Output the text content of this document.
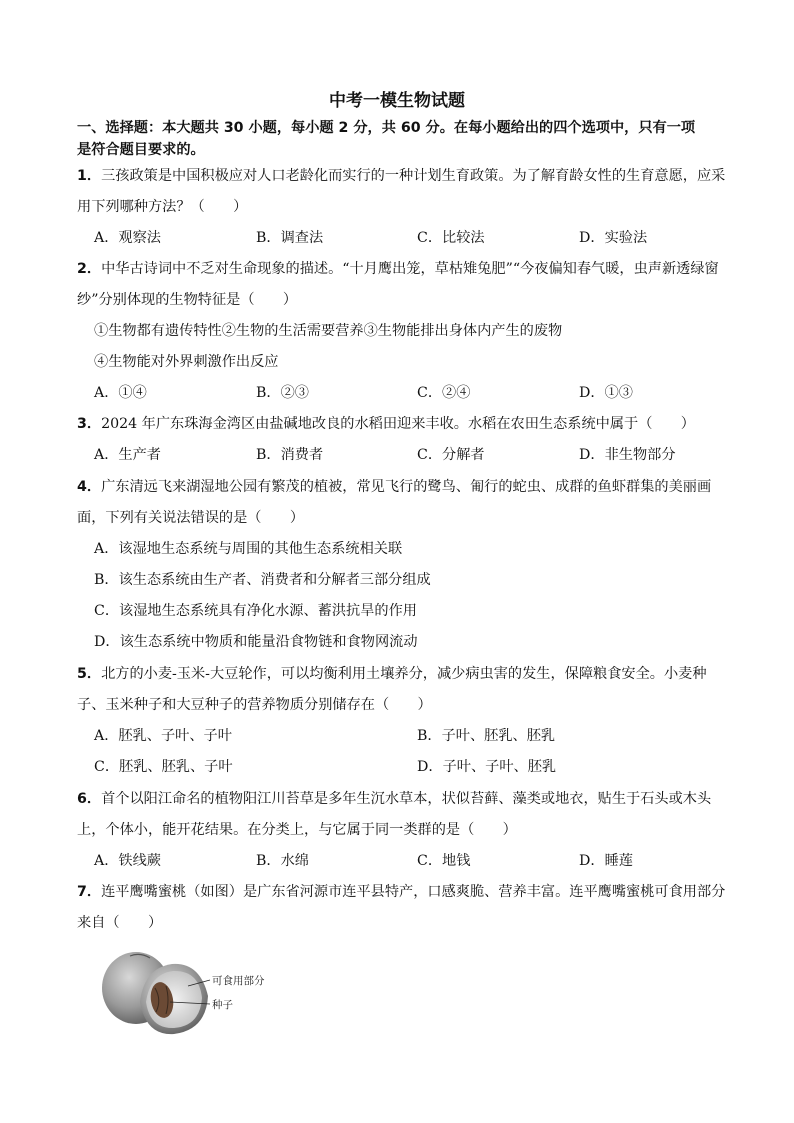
中考一模生物试题
一、选择题：本大题共 30 小题，每小题 2 分，共 60 分。在每小题给出的四个选项中，只有一项
是符合题目要求的。
1．三孩政策是中国积极应对人口老龄化而实行的一种计划生育政策。为了解育龄女性的生育意愿，应采
用下列哪种方法？（　　）
A．观察法	B．调查法	C．比较法	D．实验法
2．中华古诗词中不乏对生命现象的描述。“十月鹰出笼，草枯雉兔肥”“今夜偏知春气暖，虫声新透绿窗
纱”分别体现的生物特征是（　　）
①生物都有遗传特性②生物的生活需要营养③生物能排出身体内产生的废物
④生物能对外界刺激作出反应
A．①④	B．②③	C．②④	D．①③
3．2024 年广东珠海金湾区由盐碱地改良的水稻田迎来丰收。水稻在农田生态系统中属于（　　）
A．生产者	B．消费者	C．分解者	D．非生物部分
4．广东清远飞来湖湿地公园有繁茂的植被，常见飞行的鹭鸟、匍行的蛇虫、成群的鱼虾群集的美丽画
面，下列有关说法错误的是（　　）
A．该湿地生态系统与周围的其他生态系统相关联
B．该生态系统由生产者、消费者和分解者三部分组成
C．该湿地生态系统具有净化水源、蓄洪抗旱的作用
D．该生态系统中物质和能量沿食物链和食物网流动
5．北方的小麦-玉米-大豆轮作，可以均衡利用土壤养分，减少病虫害的发生，保障粮食安全。小麦种
子、玉米种子和大豆种子的营养物质分别储存在（　　）
A．胚乳、子叶、子叶	B．子叶、胚乳、胚乳
C．胚乳、胚乳、子叶	D．子叶、子叶、胚乳
6．首个以阳江命名的植物阳江川苔草是多年生沉水草本，状似苔藓、藻类或地衣，贴生于石头或木头
上，个体小，能开花结果。在分类上，与它属于同一类群的是（　　）
A．铁线蕨	B．水绵	C．地钱	D．睡莲
7．连平鹰嘴蜜桃（如图）是广东省河源市连平县特产，口感爽脆、营养丰富。连平鹰嘴蜜桃可食用部分
来自（　　）
可食用部分
种子
